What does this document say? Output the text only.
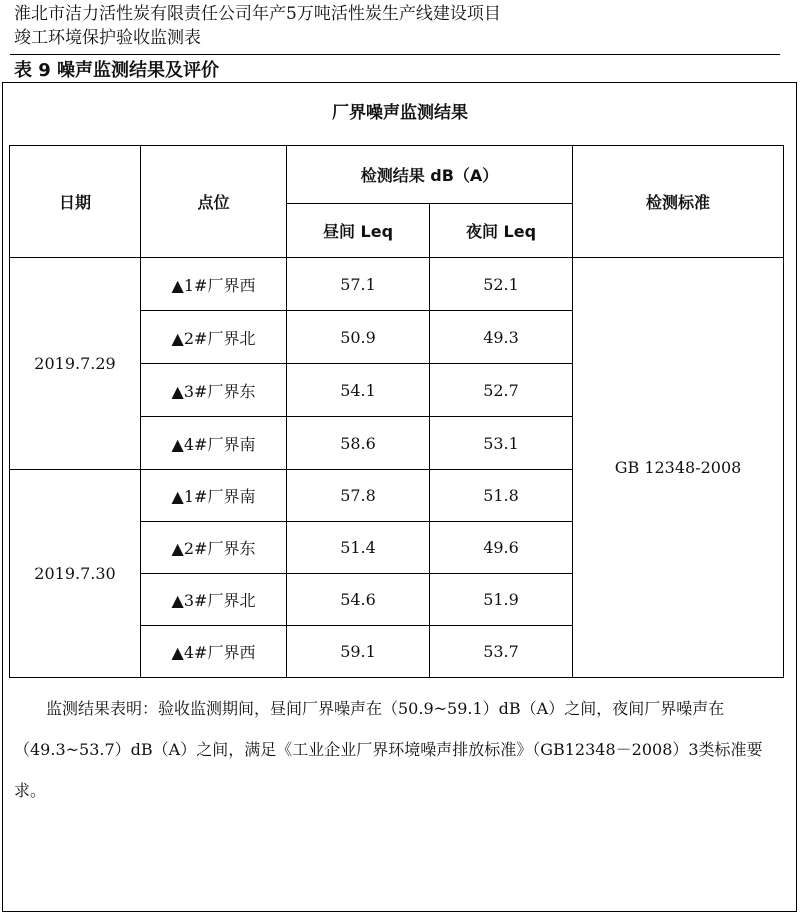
淮北市洁力活性炭有限责任公司年产5万吨活性炭生产线建设项目
竣工环境保护验收监测表
表 9 噪声监测结果及评价
厂界噪声监测结果
日期	点位	检测结果 dB（A）		检测标准
		昼间 Leq	夜间 Leq	
2019.7.29	▲1#厂界西	57.1	52.1	GB 12348-2008
	▲2#厂界北	50.9	49.3	
	▲3#厂界东	54.1	52.7	
	▲4#厂界南	58.6	53.1	
2019.7.30	▲1#厂界南	57.8	51.8	
	▲2#厂界东	51.4	49.6	
	▲3#厂界北	54.6	51.9	
	▲4#厂界西	59.1	53.7	
监测结果表明：验收监测期间，昼间厂界噪声在（50.9~59.1）dB（A）之间，夜间厂界噪声在（49.3~53.7）dB（A）之间，满足《工业企业厂界环境噪声排放标准》（GB12348－2008）3类标准要求。
